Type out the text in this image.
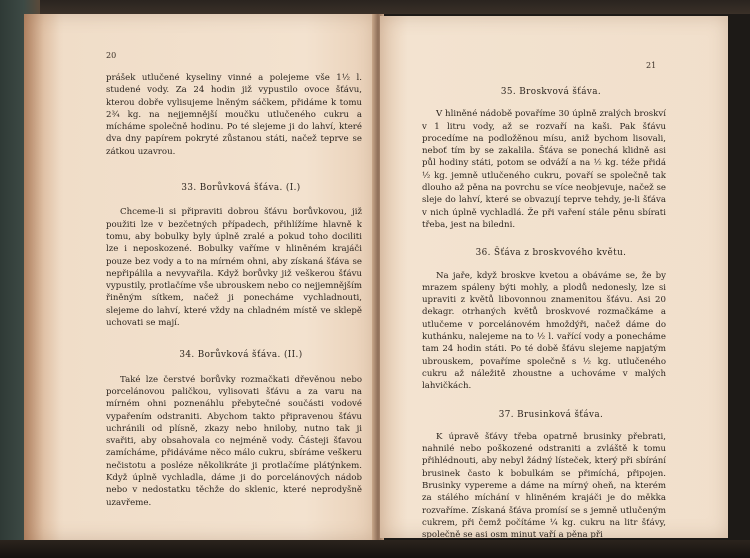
20

prášek utlučené kyseliny vinné a polejeme vše 1½ l. studené vody. Za 24 hodin již vypustilo ovoce šťávu, kterou dobře vylisujeme lněným sáčkem, přidáme k tomu 2¾ kg. na nejjemnější moučku utlučeného cukru a mícháme společně hodinu. Po té slejeme ji do lahví, které dva dny papírem pokryté zůstanou státi, načež teprve se zátkou uzavrou.

33. Borůvková šťáva. (I.)

Chceme-li si připraviti dobrou šťávu borůvkovou, již použiti lze v bezčetných případech, přihlížíme hlavně k tomu, aby bobulky byly úplně zralé a pokud toho dociliti lze i neposkozené. Bobulky vaříme v hliněném krajáči pouze bez vody a to na mírném ohni, aby získaná šťáva se nepřipálila a nevyvařila. Když borůvky již veškerou šťávu vypustily, protlačíme vše ubrouskem nebo co nejjemnějším řiněným sítkem, načež ji ponecháme vychladnouti, slejeme do lahví, které vždy na chladném místě ve sklepě uchovati se mají.

34. Borůvková šťáva. (II.)

Také lze čerstvé borůvky rozmačkati dřevěnou nebo porcelánovou paličkou, vylisovati šťávu a za varu na mírném ohni poznenáhlu přebytečné součásti vodové vypařením odstraniti. Abychom takto připravenou šťávu uchránili od plísně, zkazy nebo hniloby, nutno tak ji svařiti, aby obsahovala co nejméně vody. Částeji šťavou zamícháme, přidáváme něco málo cukru, sbíráme veškeru nečistotu a posléze několikráte ji protlačíme plátýnkem. Když úplně vychladla, dáme ji do porcelánových nádob nebo v nedostatku těchže do sklenic, které neprodyšně uzavřeme.

21

35. Broskvová šťáva.

V hliněné nádobě povaříme 30 úplně zralých broskví v 1 litru vody, až se rozvaří na kaši. Pak šťávu procedíme na podložěnou mísu, aniž bychom lisovali, neboť tím by se zakalila. Šťáva se ponechá klidně asi půl hodiny státi, potom se odváží a na ½ kg. téže přidá ½ kg. jemně utlučeného cukru, povaří se společně tak dlouho až pěna na povrchu se více neobjevuje, načež se sleje do lahví, které se obvazují teprve tehdy, je-li šťáva v nich úplně vychladlá. Že při vaření stále pěnu sbírati třeba, jest na biledni.

36. Šťáva z broskvového květu.

Na jaře, když broskve kvetou a obáváme se, že by mrazem spáleny býti mohly, a plodů nedonesly, lze si upraviti z květů libovonnou znamenitou šťávu. Asi 20 dekagr. otrhaných květů broskvové rozmačkáme a utlučeme v porcelánovém hmoždýři, načež dáme do kuthánku, nalejeme na to ½ l. vařící vody a ponecháme tam 24 hodin státi. Po té době šťávu slejeme napjatým ubrouskem, povaříme společně s ½ kg. utlučeného cukru až náležitě zhoustne a uchováme v malých lahvičkách.

37. Brusinková šťáva.

K úpravě šťávy třeba opatrně brusinky přebrati, nahnilé nebo poškozené odstraniti a zvláště k tomu přihlédnouti, aby nebyl žádný lísteček, který při sbírání brusinek často k bobulkám se přimíchá, připojen. Brusinky vypereme a dáme na mírný oheň, na kterém za stálého míchání v hliněném krajáči je do měkka rozvaříme. Získaná šťáva promísí se s jemně utlučeným cukrem, při čemž počítáme ¼ kg. cukru na litr šťávy, společně se asi osm minut vaří a pěna při
